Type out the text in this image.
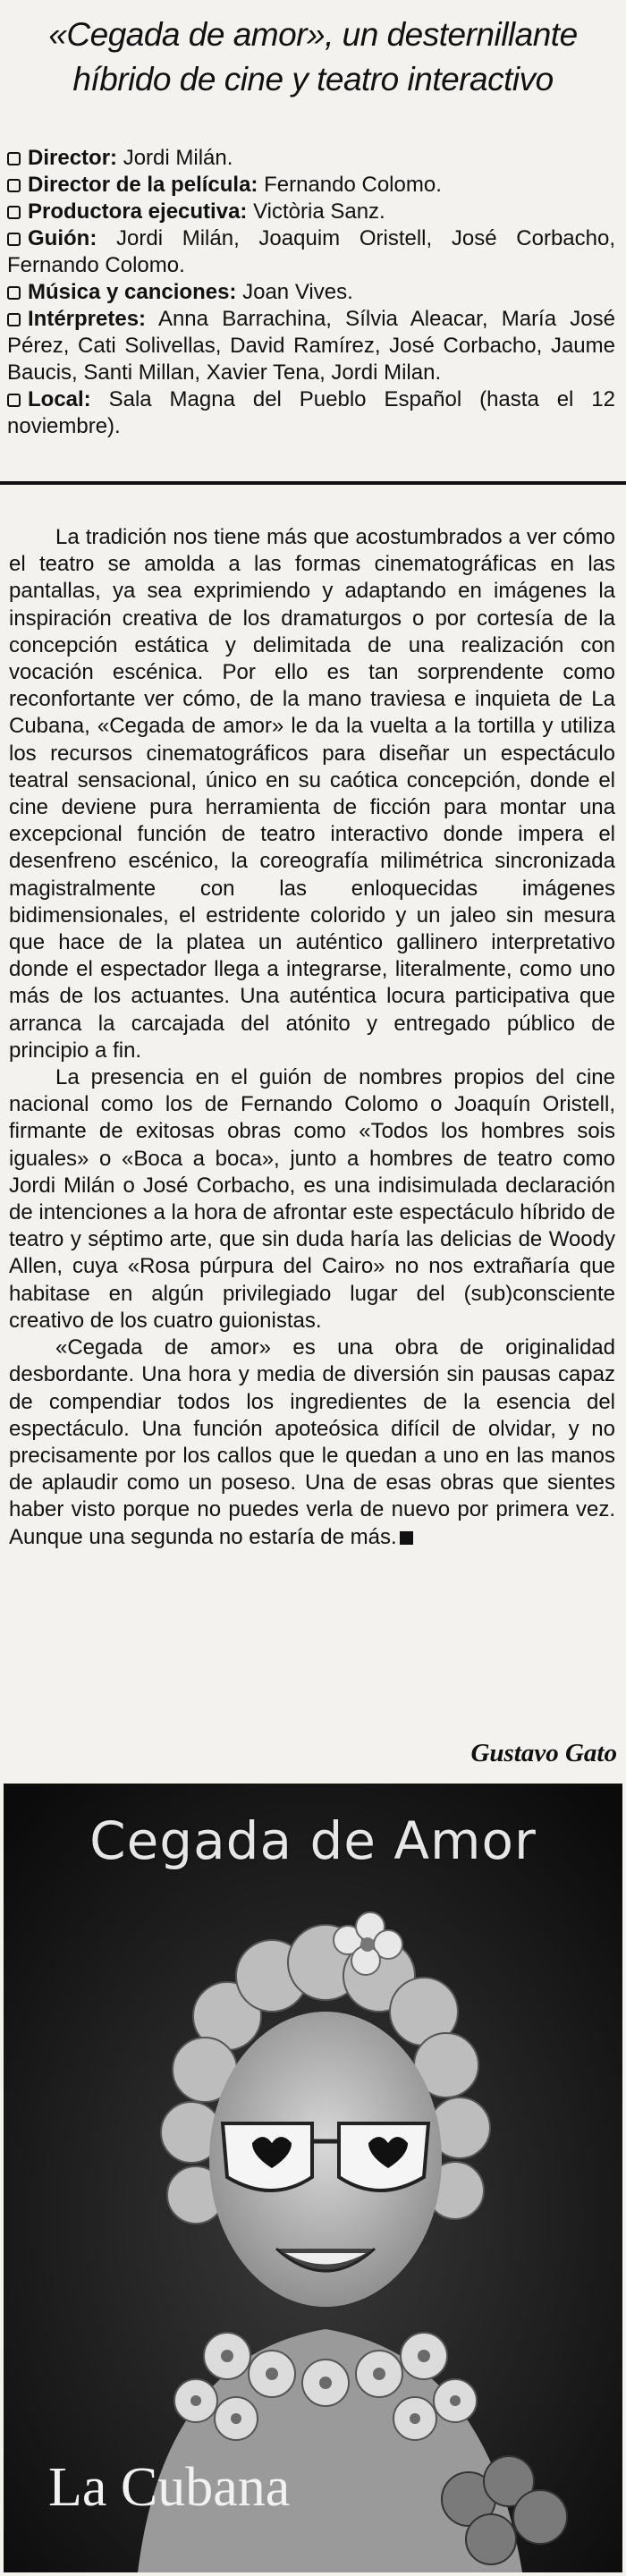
«Cegada de amor», un desternillante
híbrido de cine y teatro interactivo
Director: Jordi Milán.
Director de la película: Fernando Colomo.
Productora ejecutiva: Victòria Sanz.
Guión: Jordi Milán, Joaquim Oristell, José Corbacho, Fernando Colomo.
Música y canciones: Joan Vives.
Intérpretes: Anna Barrachina, Sílvia Aleacar, María José Pérez, Cati Solivellas, David Ramírez, José Corbacho, Jaume Baucis, Santi Millan, Xavier Tena, Jordi Milan.
Local: Sala Magna del Pueblo Español (hasta el 12 noviembre).

La tradición nos tiene más que acostumbrados a ver cómo el teatro se amolda a las formas cinematográficas en las pantallas, ya sea exprimiendo y adaptando en imágenes la inspiración creativa de los dramaturgos o por cortesía de la concepción estática y delimitada de una realización con vocación escénica. Por ello es tan sorprendente como reconfortante ver cómo, de la mano traviesa e inquieta de La Cubana, «Cegada de amor» le da la vuelta a la tortilla y utiliza los recursos cinematográficos para diseñar un espectáculo teatral sensacional, único en su caótica concepción, donde el cine deviene pura herramienta de ficción para montar una excepcional función de teatro interactivo donde impera el desenfreno escénico, la coreografía milimétrica sincronizada magistralmente con las enloquecidas imágenes bidimensionales, el estridente colorido y un jaleo sin mesura que hace de la platea un auténtico gallinero interpretativo donde el espectador llega a integrarse, literalmente, como uno más de los actuantes. Una auténtica locura participativa que arranca la carcajada del atónito y entregado público de principio a fin.

La presencia en el guión de nombres propios del cine nacional como los de Fernando Colomo o Joaquín Oristell, firmante de exitosas obras como «Todos los hombres sois iguales» o «Boca a boca», junto a hombres de teatro como Jordi Milán o José Corbacho, es una indisimulada declaración de intenciones a la hora de afrontar este espectáculo híbrido de teatro y séptimo arte, que sin duda haría las delicias de Woody Allen, cuya «Rosa púrpura del Cairo» no nos extrañaría que habitase en algún privilegiado lugar del (sub)consciente creativo de los cuatro guionistas.

«Cegada de amor» es una obra de originalidad desbordante. Una hora y media de diversión sin pausas capaz de compendiar todos los ingredientes de la esencia del espectáculo. Una función apoteósica difícil de olvidar, y no precisamente por los callos que le quedan a uno en las manos de aplaudir como un poseso. Una de esas obras que sientes haber visto porque no puedes verla de nuevo por primera vez. Aunque una segunda no estaría de más.

Gustavo Gato
Cegada de Amor
La Cubana
